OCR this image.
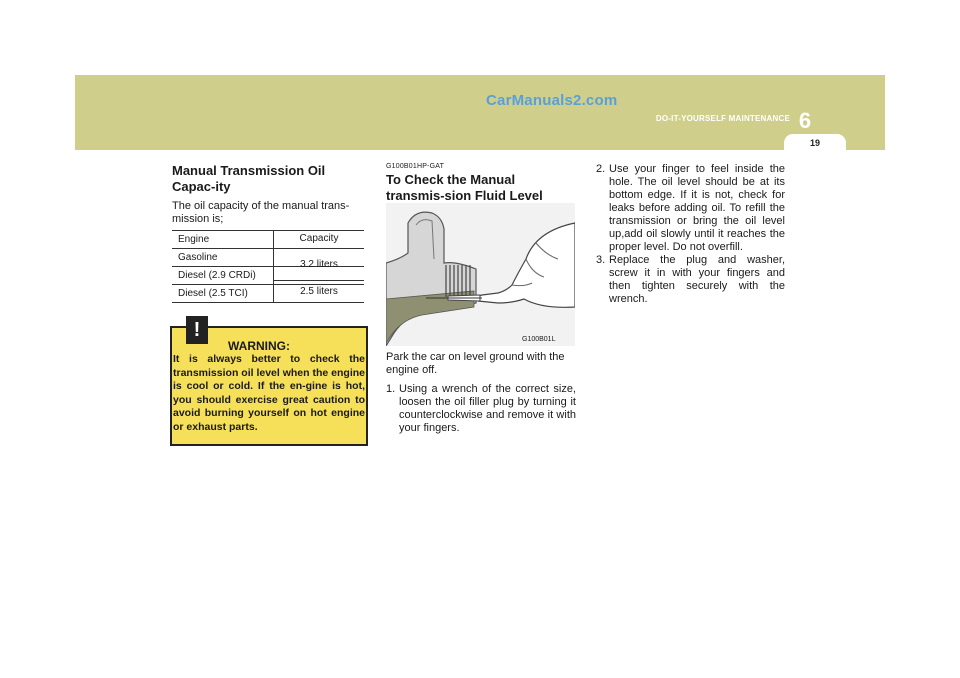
CarManuals2.com
DO-IT-YOURSELF MAINTENANCE 6
19

Manual Transmission Oil Capac-ity

The oil capacity of the manual trans-mission is;

Engine	Capacity
Gasoline
Diesel (2.9 CRDi)
Diesel (2.5 TCI)
3.2 liters
2.5 liters
!
WARNING:
It is always better to check the transmission oil level when the engine is cool or cold. If the en-gine is hot, you should exercise great caution to avoid burning yourself on hot engine or exhaust parts.

G100B01HP-GAT

To Check the Manual transmis-sion Fluid Level

G100B01L
Park the car on level ground with the engine off.
1. Using a wrench of the correct size, loosen the oil filler plug by turning it counterclockwise and remove it with your fingers.
2. Use your finger to feel inside the hole. The oil level should be at its bottom edge. If it is not, check for leaks before adding oil. To refill the transmission or bring the oil level up,add oil slowly until it reaches the proper level. Do not overfill.
3. Replace the plug and washer, screw it in with your fingers and then tighten securely with the wrench.
